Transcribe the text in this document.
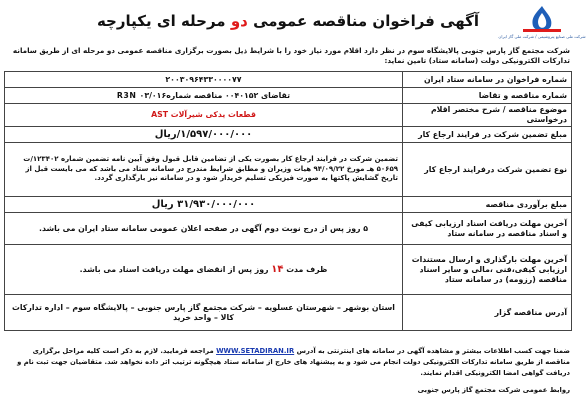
شرکت ملی صنایع پتروشیمی / شرکت ملی گاز ایران
آگهی فراخوان مناقصه عمومی دو مرحله ای یکپارچه
شرکت مجتمع گاز پارس جنوبی پالایشگاه سوم در نظر دارد اقلام مورد نیاز خود را با شرایط ذیل بصورت برگزاری مناقصه عمومی دو مرحله ای از طریق سامانه تدارکات الکترونیکی دولت (سامانه ستاد) تامین نماید:
شماره فراخوان در سامانه ستاد ایران	۲۰۰۳۰۹۶۴۳۳۰۰۰۰۷۷
شماره مناقصه و تقاضا	تقاضای ۰۰۴۰۱۵۲ مناقصه شمارهR3N ۰۳/۰۱۶
موضوع مناقصه / شرح مختصر اقلام درخواستی	قطعات یدکی شیرآلات AST
مبلغ تضمین شرکت در فرایند ارجاع کار	۱/۵۹۷/۰۰۰/۰۰۰/ریال
نوع تضمین شرکت درفرایند ارجاع کار	تضمین شرکت در فرایند ارجاع کار بصورت یکی از تضامین قابل قبول وفق آیین نامه تضمین شماره ۱۲۳۴۰۲/ت ۵۰۶۵۹ هـ مورخ ۹۴/۰۹/۲۲ هیات وزیران و مطابق شرایط مندرج در سامانه ستاد می باشد که می بایست قبل از تاریخ گشایش پاکتها به صورت فیزیکی تسلیم خریدار شود و در سامانه نیز بارگذاری گردد.
مبلغ برآوردی مناقصه	۳۱/۹۳۰/۰۰۰/۰۰۰ ریال
آخرین مهلت دریافت اسناد ارزیابی کیفی و اسناد مناقصه در سامانه ستاد	۵ روز پس از درج نوبت دوم آگهی در صفحه اعلان عمومی سامانه ستاد ایران می باشد.
آخرین مهلت بارگذاری و ارسال مستندات ارزیابی کیفی،فنی ،مالی و سایر اسناد مناقصه (رزومه) در سامانه ستاد	ظرف مدت ۱۴ روز پس از انقضای مهلت دریافت اسناد می باشد.
آدرس مناقصه گزار	استان بوشهر – شهرستان عسلویه – شرکت مجتمع گاز پارس جنوبی – پالایشگاه سوم – اداره تدارکات کالا – واحد خرید
ضمنا جهت کسب اطلاعات بیشتر و مشاهده آگهی در سامانه های اینترنتی به آدرس WWW.SETADIRAN.IR مراجعه فرمایید. لازم به ذکر است کلیه مراحل برگزاری مناقصه از طریق سامانه تدارکات الکترونیکی دولت انجام می شود و به پیشنهاد های خارج از سامانه ستاد هیچگونه ترتیب اثر داده نخواهد شد. متقاضیان جهت ثبت نام و دریافت گواهی امضا الکترونیکی اقدام نمایند.
روابط عمومی شرکت مجتمع گاز پارس جنوبی
